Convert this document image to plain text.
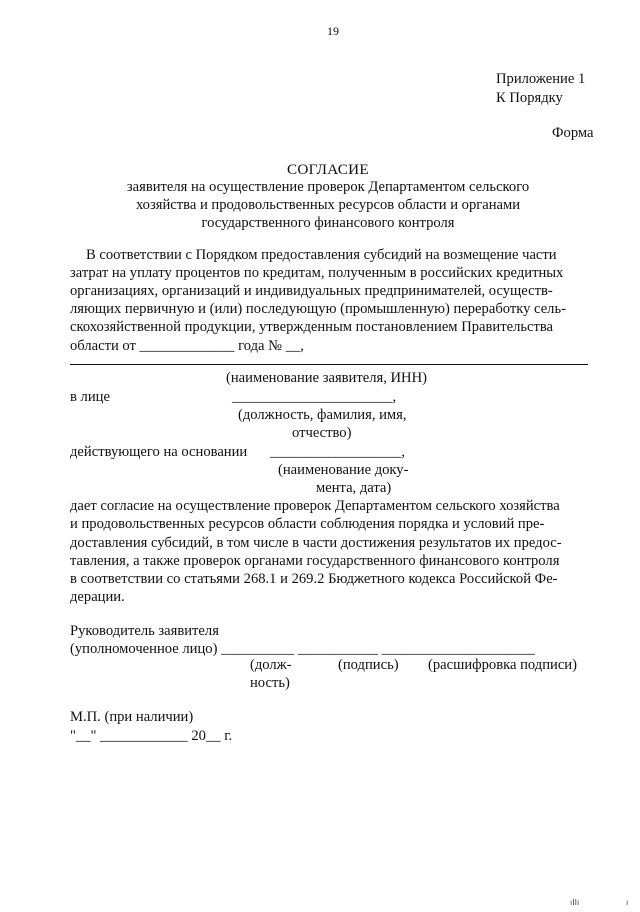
19
Приложение 1
К Порядку
Форма
СОГЛАСИЕ
заявителя на осуществление проверок Департаментом сельского
хозяйства и продовольственных ресурсов области и органами
государственного финансового контроля
В соответствии с Порядком предоставления субсидий на возмещение части
затрат на уплату процентов по кредитам, полученным в российских кредитных
организациях, организаций и индивидуальных предпринимателей, осуществ-
ляющих первичную и (или) последующую (промышленную) переработку сель-
скохозяйственной продукции, утвержденным постановлением Правительства
области от _____________ года № __,
(наименование заявителя, ИНН)
в лице	______________________,
(должность, фамилия, имя,
отчество)
действующего на основании __________________,
(наименование доку-
мента, дата)
дает согласие на осуществление проверок Департаментом сельского хозяйства
и продовольственных ресурсов области соблюдения порядка и условий пре-
доставления субсидий, в том числе в части достижения результатов их предос-
тавления, а также проверок органами государственного финансового контроля
в соответствии со статьями 268.1 и 269.2 Бюджетного кодекса Российской Фе-
дерации.
Руководитель заявителя
(уполномоченное лицо) __________ ___________ _____________________
(долж-
ность)
(подпись) (расшифровка подписи)
М.П. (при наличии)
"__" ____________ 20__ г.
ıIIı	ı
